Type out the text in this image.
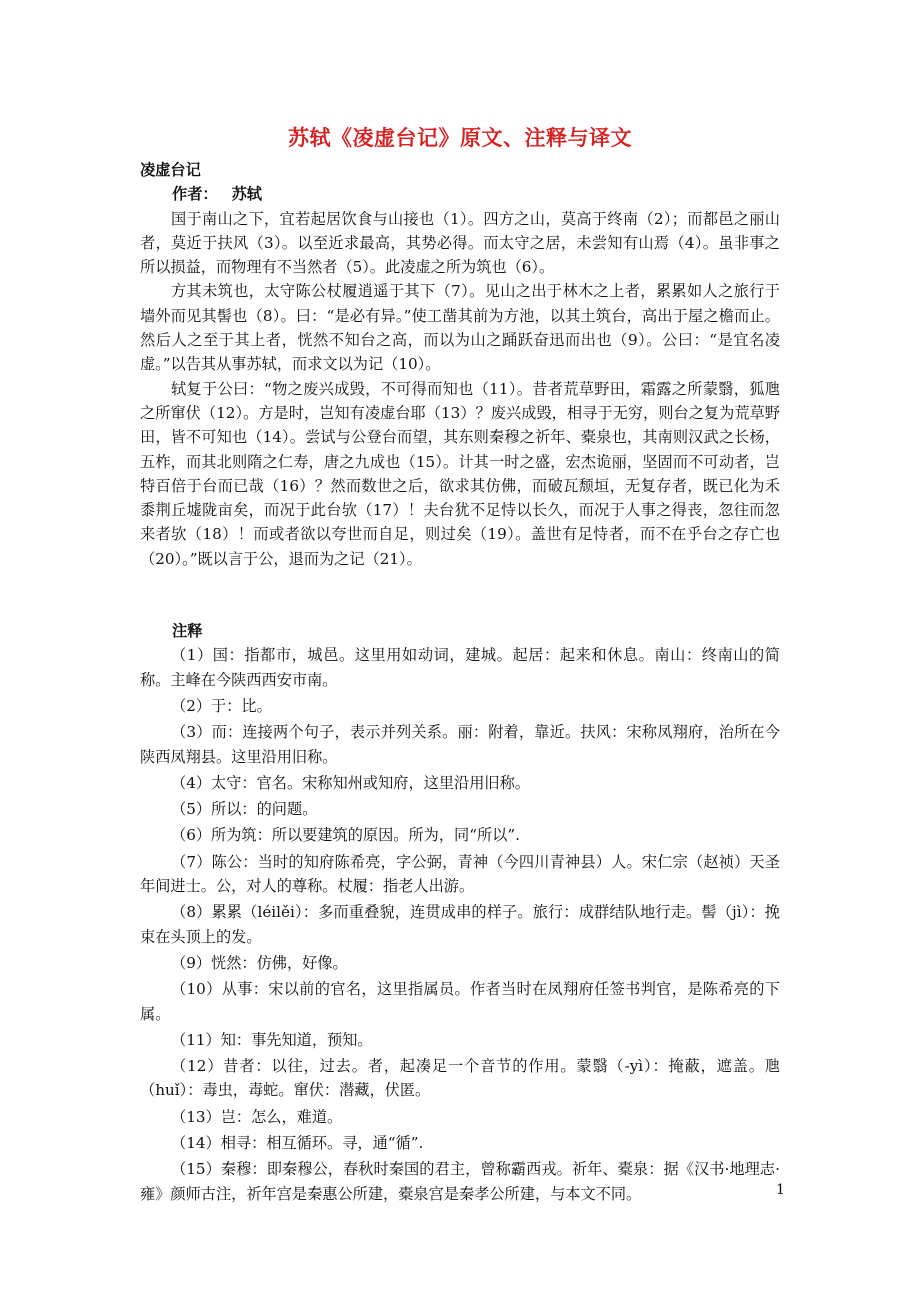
苏轼《凌虚台记》原文、注释与译文

凌虚台记

作者： 苏轼

国于南山之下，宜若起居饮食与山接也（1）。四方之山，莫高于终南（2）；而都邑之丽山者，莫近于扶风（3）。以至近求最高，其势必得。而太守之居，未尝知有山焉（4）。虽非事之所以损益，而物理有不当然者（5）。此凌虚之所为筑也（6）。

方其未筑也，太守陈公杖履逍遥于其下（7）。见山之出于林木之上者，累累如人之旅行于墙外而见其髻也（8）。曰：“是必有异。”使工凿其前为方池，以其土筑台，高出于屋之檐而止。然后人之至于其上者，恍然不知台之高，而以为山之踊跃奋迅而出也（9）。公曰：“是宜名凌虚。”以告其从事苏轼，而求文以为记（10）。

轼复于公曰：“物之废兴成毁，不可得而知也（11）。昔者荒草野田，霜露之所蒙翳，狐虺之所窜伏（12）。方是时，岂知有凌虚台耶（13）？废兴成毁，相寻于无穷，则台之复为荒草野田，皆不可知也（14）。尝试与公登台而望，其东则秦穆之祈年、橐泉也，其南则汉武之长杨，五柞，而其北则隋之仁寿，唐之九成也（15）。计其一时之盛，宏杰诡丽，坚固而不可动者，岂特百倍于台而已哉（16）？然而数世之后，欲求其仿佛，而破瓦颓垣，无复存者，既已化为禾黍荆丘墟陇亩矣，而况于此台欤（17）！夫台犹不足恃以长久，而况于人事之得丧，忽往而忽来者欤（18）！而或者欲以夸世而自足，则过矣（19）。盖世有足恃者，而不在乎台之存亡也（20）。”既以言于公，退而为之记（21）。

注释

（1）国：指都市，城邑。这里用如动词，建城。起居：起来和休息。南山：终南山的简称。主峰在今陕西西安市南。

（2）于：比。

（3）而：连接两个句子，表示并列关系。丽：附着，靠近。扶风：宋称凤翔府，治所在今陕西凤翔县。这里沿用旧称。

（4）太守：官名。宋称知州或知府，这里沿用旧称。

（5）所以：的问题。

（6）所为筑：所以要建筑的原因。所为，同“所以”.

（7）陈公：当时的知府陈希亮，字公弼，青神（今四川青神县）人。宋仁宗（赵祯）天圣年间进士。公，对人的尊称。杖履：指老人出游。

（8）累累（léilěi）：多而重叠貌，连贯成串的样子。旅行：成群结队地行走。髻（jì）：挽束在头顶上的发。

（9）恍然：仿佛，好像。

（10）从事：宋以前的官名，这里指属员。作者当时在凤翔府任签书判官，是陈希亮的下属。

（11）知：事先知道，预知。

（12）昔者：以往，过去。者，起凑足一个音节的作用。蒙翳（-yì）：掩蔽，遮盖。虺（huǐ）：毒虫，毒蛇。窜伏：潜藏，伏匿。

（13）岂：怎么，难道。

（14）相寻：相互循环。寻，通“循”.

（15）秦穆：即秦穆公，春秋时秦国的君主，曾称霸西戎。祈年、橐泉：据《汉书·地理志·雍》颜师古注，祈年宫是秦惠公所建，橐泉宫是秦孝公所建，与本文不同。	1
